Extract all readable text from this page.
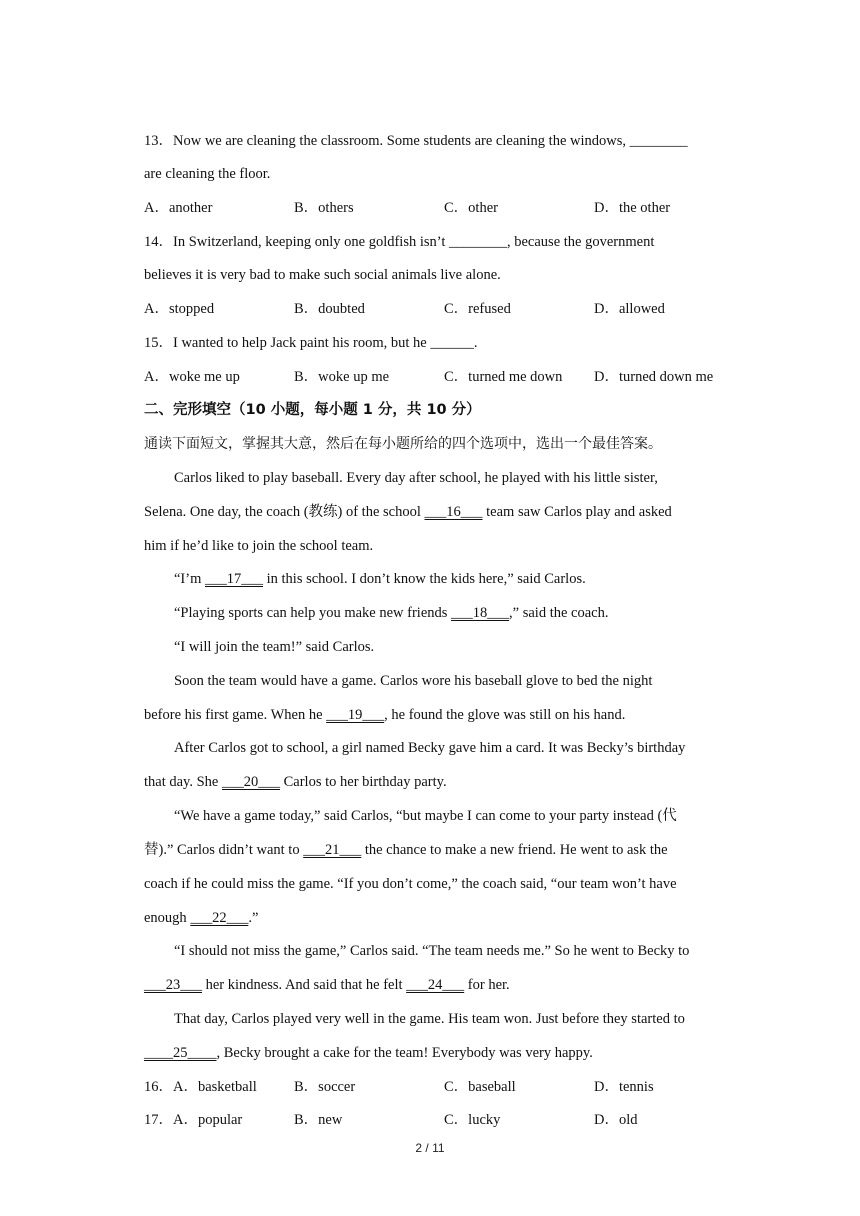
13．Now we are cleaning the classroom. Some students are cleaning the windows, ________
are cleaning the floor.
A．another	B．others	C．other	D．the other
14．In Switzerland, keeping only one goldfish isn’t ________, because the government
believes it is very bad to make such social animals live alone.
A．stopped	B．doubted	C．refused	D．allowed
15．I wanted to help Jack paint his room, but he ______.
A．woke me up	B．woke up me	C．turned me down D．turned down me
二、完形填空（10 小题，每小题 1 分，共 10 分）
通读下面短文，掌握其大意，然后在每小题所给的四个选项中，选出一个最佳答案。
Carlos liked to play baseball. Every day after school, he played with his little sister,
Selena. One day, the coach (教练) of the school ___16___ team saw Carlos play and asked
him if he’d like to join the school team.
“I’m ___17___ in this school. I don’t know the kids here,” said Carlos.
“Playing sports can help you make new friends ___18___,” said the coach.
“I will join the team!” said Carlos.
Soon the team would have a game. Carlos wore his baseball glove to bed the night
before his first game. When he ___19___, he found the glove was still on his hand.
After Carlos got to school, a girl named Becky gave him a card. It was Becky’s birthday
that day. She ___20___ Carlos to her birthday party.
“We have a game today,” said Carlos, “but maybe I can come to your party instead (代
替).” Carlos didn’t want to ___21___ the chance to make a new friend. He went to ask the
coach if he could miss the game. “If you don’t come,” the coach said, “our team won’t have
enough ___22___.”
“I should not miss the game,” Carlos said. “The team needs me.” So he went to Becky to
___23___ her kindness. And said that he felt ___24___ for her.
That day, Carlos played very well in the game. His team won. Just before they started to
____25____, Becky brought a cake for the team! Everybody was very happy.
16．A．basketball	B．soccer	C．baseball	D．tennis
17．A．popular	B．new	C．lucky	D．old
2 / 11
